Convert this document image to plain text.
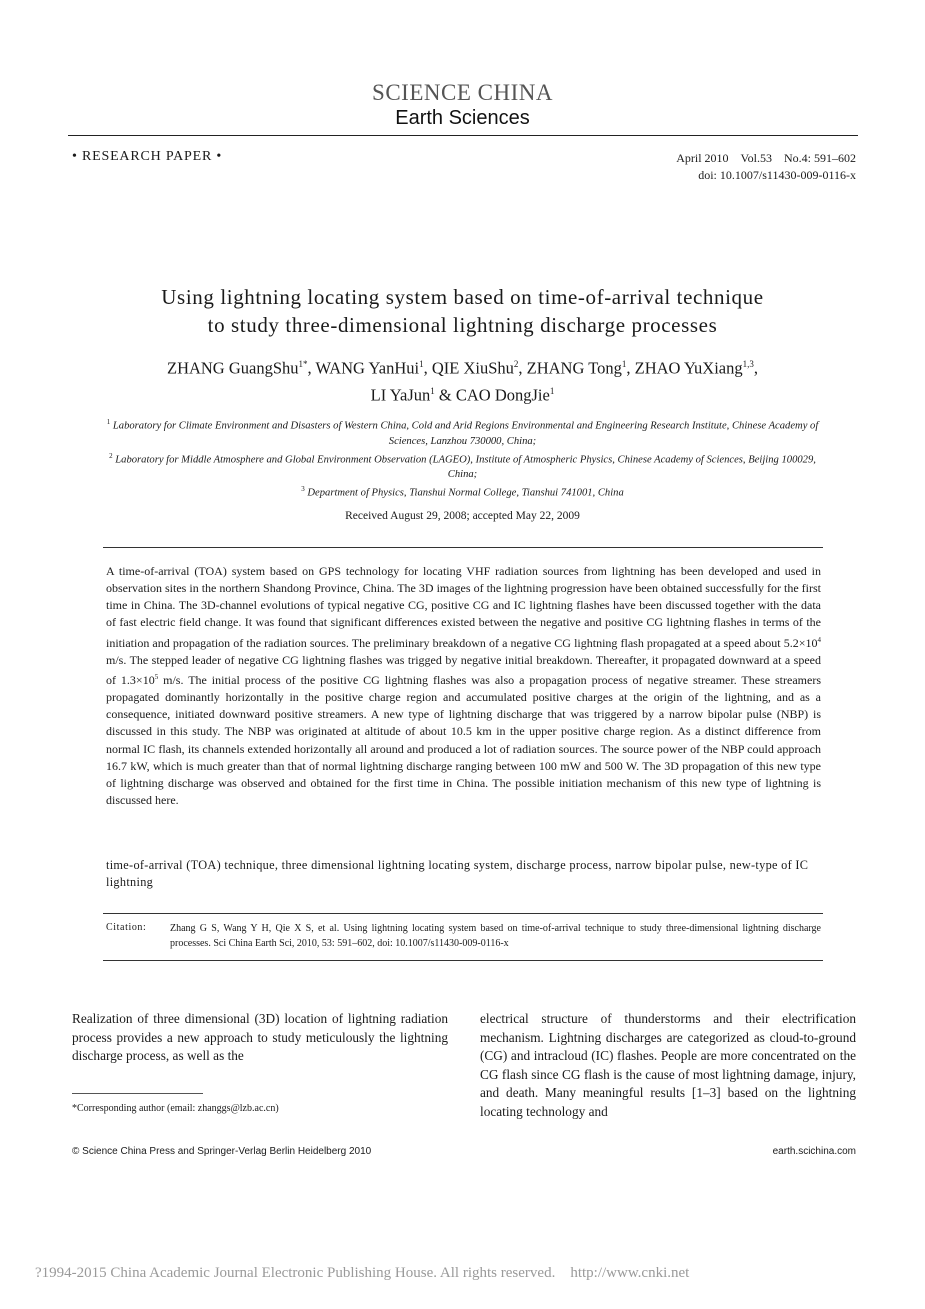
SCIENCE CHINA
Earth Sciences
• RESEARCH PAPER •	April 2010 Vol.53 No.4: 591–602
doi: 10.1007/s11430-009-0116-x
Using lightning locating system based on time-of-arrival technique
to study three-dimensional lightning discharge processes
ZHANG GuangShu$^{1*}$, WANG YanHui$^1$, QIE XiuShu$^2$, ZHANG Tong$^1$, ZHAO YuXiang$^{1,3}$,
LI YaJun$^1$ & CAO DongJie$^1$

$^1$ Laboratory for Climate Environment and Disasters of Western China, Cold and Arid Regions Environmental and Engineering Research Institute, Chinese Academy of Sciences, Lanzhou 730000, China;

$^2$ Laboratory for Middle Atmosphere and Global Environment Observation (LAGEO), Institute of Atmospheric Physics, Chinese Academy of Sciences, Beijing 100029, China;

$^3$ Department of Physics, Tianshui Normal College, Tianshui 741001, China

Received August 29, 2008; accepted May 22, 2009
A time-of-arrival (TOA) system based on GPS technology for locating VHF radiation sources from lightning has been developed and used in observation sites in the northern Shandong Province, China. The 3D images of the lightning progression have been obtained successfully for the first time in China. The 3D-channel evolutions of typical negative CG, positive CG and IC lightning flashes have been discussed together with the data of fast electric field change. It was found that significant differences existed between the negative and positive CG lightning flashes in terms of the initiation and propagation of the radiation sources. The preliminary breakdown of a negative CG lightning flash propagated at a speed about $5.2\times 10^4$ m/s. The stepped leader of negative CG lightning flashes was trigged by negative initial breakdown. Thereafter, it propagated downward at a speed of $1.3\times 10^5$ m/s. The initial process of the positive CG lightning flashes was also a propagation process of negative streamer. These streamers propagated dominantly horizontally in the positive charge region and accumulated positive charges at the origin of the lightning, and as a consequence, initiated downward positive streamers. A new type of lightning discharge that was triggered by a narrow bipolar pulse (NBP) is discussed in this study. The NBP was originated at altitude of about 10.5 km in the upper positive charge region. As a distinct difference from normal IC flash, its channels extended horizontally all around and produced a lot of radiation sources. The source power of the NBP could approach 16.7 kW, which is much greater than that of normal lightning discharge ranging between 100 mW and 500 W. The 3D propagation of this new type of lightning discharge was observed and obtained for the first time in China. The possible initiation mechanism of this new type of lightning is discussed here.
time-of-arrival (TOA) technique, three dimensional lightning locating system, discharge process, narrow bipolar pulse, new-type of IC lightning
Citation: Zhang G S, Wang Y H, Qie X S, et al. Using lightning locating system based on time-of-arrival technique to study three-dimensional lightning discharge processes. Sci China Earth Sci, 2010, 53: 591–602, doi: 10.1007/s11430-009-0116-x
Realization of three dimensional (3D) location of lightning radiation process provides a new approach to study meticulously the lightning discharge process, as well as the
electrical structure of thunderstorms and their electrification mechanism. Lightning discharges are categorized as cloud-to-ground (CG) and intracloud (IC) flashes. People are more concentrated on the CG flash since CG flash is the cause of most lightning damage, injury, and death. Many meaningful results [1–3] based on the lightning locating technology and
*Corresponding author (email: zhanggs@lzb.ac.cn)
© Science China Press and Springer-Verlag Berlin Heidelberg 2010	earth.scichina.com
?1994-2015 China Academic Journal Electronic Publishing House. All rights reserved.    http://www.cnki.net
